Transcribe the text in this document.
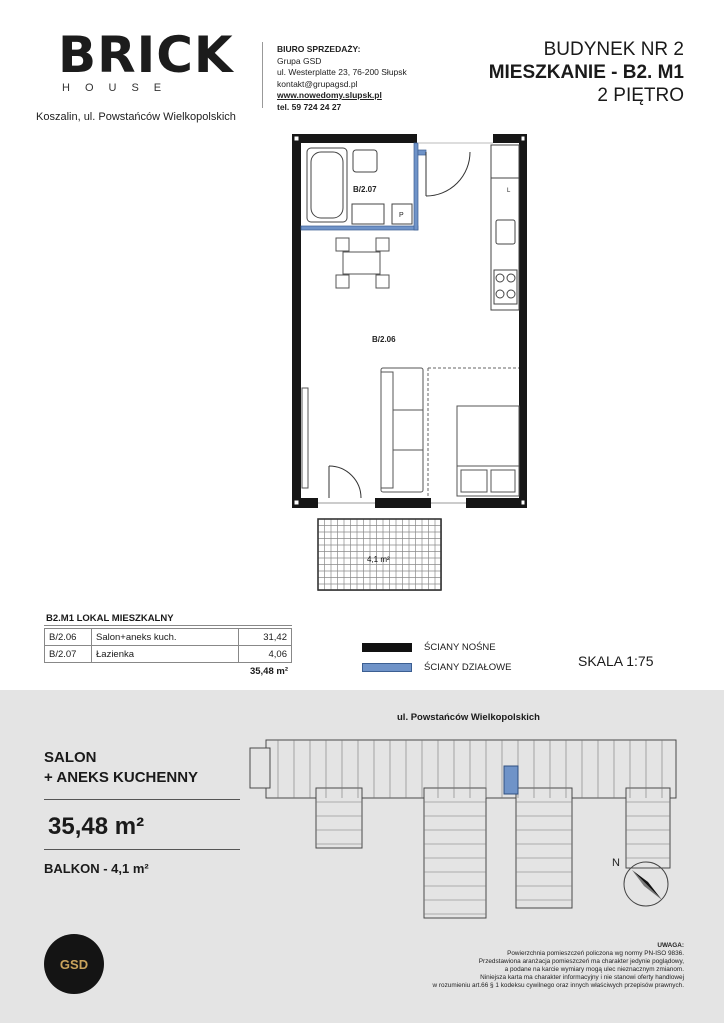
BRICK
HOUSE
Koszalin, ul. Powstańców Wielkopolskich
BIURO SPRZEDAŻY:
Grupa GSD
ul. Westerplatte 23, 76-200 Słupsk
kontakt@grupagsd.pl
www.nowedomy.slupsk.pl
tel. 59 724 24 27
BUDYNEK NR 2
MIESZKANIE - B2. M1
2 PIĘTRO
B/2.07
P
L
B/2.06
4,1 m²
B2.M1 LOKAL MIESZKALNY
B/2.06	Salon+aneks kuch.	31,42
B/2.07	Łazienka	4,06
35,48 m²
ŚCIANY NOŚNE
ŚCIANY DZIAŁOWE	SKALA 1:75
SALON
+ ANEKS KUCHENNY
35,48 m²
BALKON - 4,1 m²
ul. Powstańców Wielkopolskich
N
GSD
UWAGA:
Powierzchnia pomieszczeń policzona wg normy PN-ISO 9836.
Przedstawiona aranżacja pomieszczeń ma charakter jedynie poglądowy,
a podane na karcie wymiary mogą ulec nieznacznym zmianom.
Niniejsza karta ma charakter informacyjny i nie stanowi oferty handlowej
w rozumieniu art.66 § 1 kodeksu cywilnego oraz innych właściwych przepisów prawnych.
